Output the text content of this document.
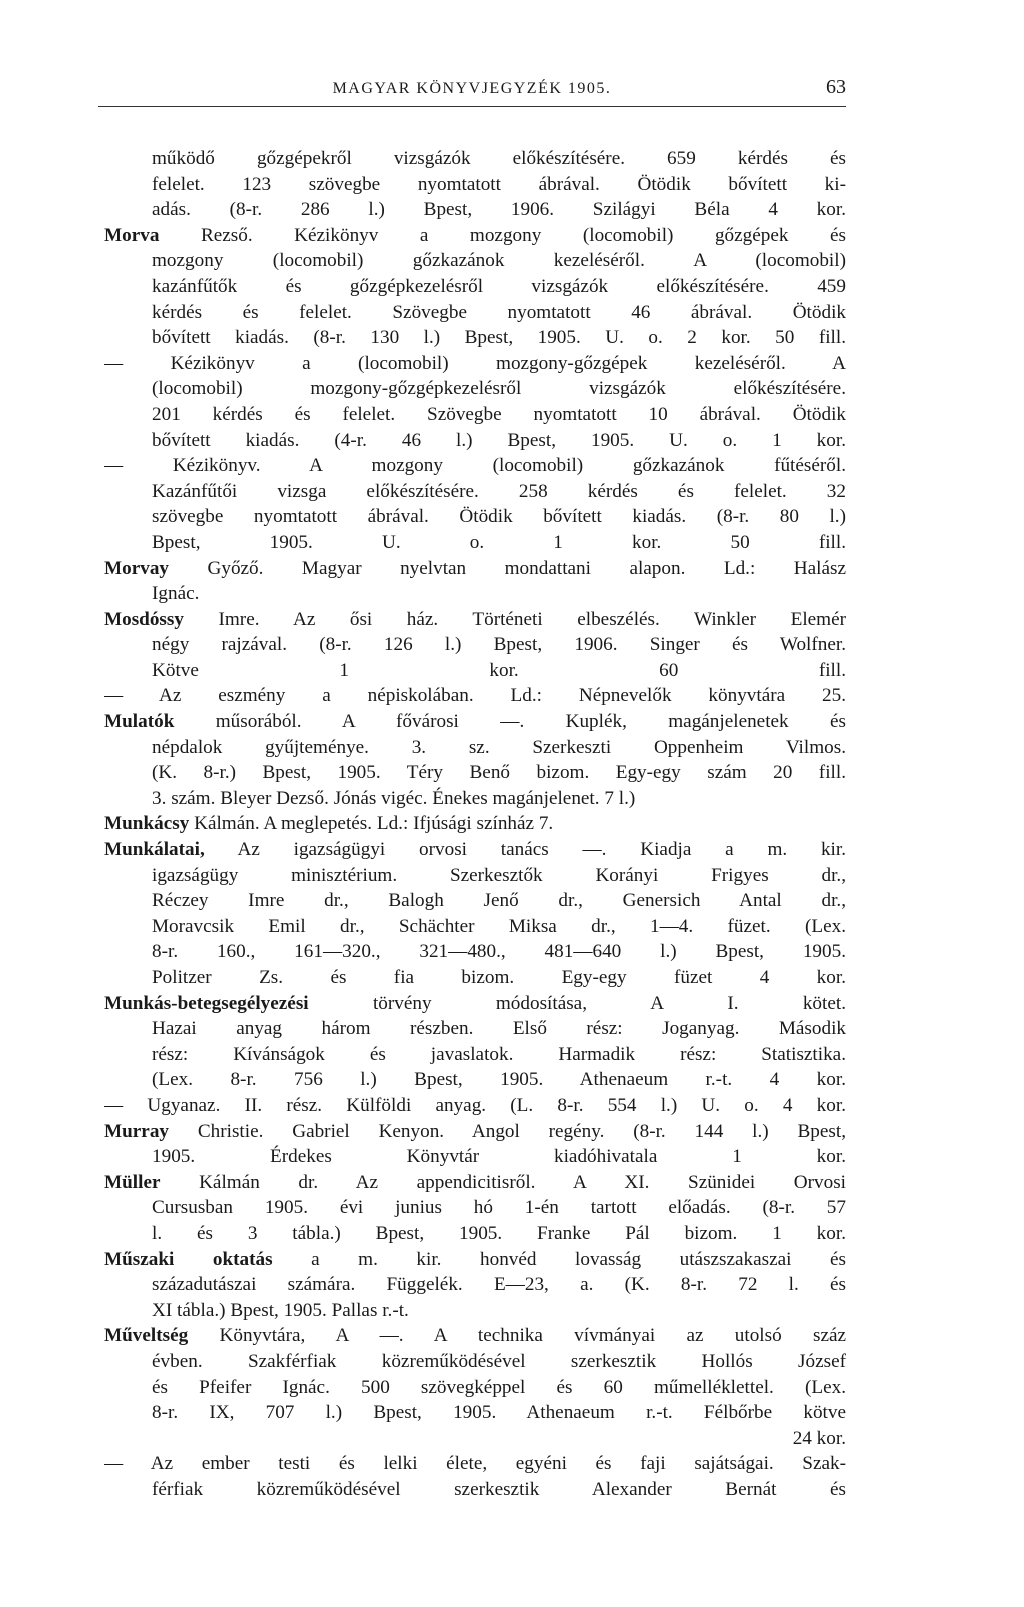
MAGYAR KÖNYVJEGYZÉK 1905.	63
működő gőzgépekről vizsgázók előkészítésére. 659 kérdés és
felelet. 123 szövegbe nyomtatott ábrával. Ötödik bővített ki-
adás. (8-r. 286 l.) Bpest, 1906. Szilágyi Béla 4 kor.
Morva Rezső. Kézikönyv a mozgony (locomobil) gőzgépek és
mozgony (locomobil) gőzkazánok kezeléséről. A (locomobil)
kazánfűtők és gőzgépkezelésről vizsgázók előkészítésére. 459
kérdés és felelet. Szövegbe nyomtatott 46 ábrával. Ötödik
bővített kiadás. (8-r. 130 l.) Bpest, 1905. U. o. 2 kor. 50 fill.
— Kézikönyv a (locomobil) mozgony-gőzgépek kezeléséről. A
(locomobil) mozgony-gőzgépkezelésről vizsgázók előkészítésére.
201 kérdés és felelet. Szövegbe nyomtatott 10 ábrával. Ötödik
bővített kiadás. (4-r. 46 l.) Bpest, 1905. U. o. 1 kor.
— Kézikönyv. A mozgony (locomobil) gőzkazánok fűtéséről.
Kazánfűtői vizsga előkészítésére. 258 kérdés és felelet. 32
szövegbe nyomtatott ábrával. Ötödik bővített kiadás. (8-r. 80 l.)
Bpest, 1905. U. o. 1 kor. 50 fill.
Morvay Győző. Magyar nyelvtan mondattani alapon. Ld.: Halász
Ignác.
Mosdóssy Imre. Az ősi ház. Történeti elbeszélés. Winkler Elemér
négy rajzával. (8-r. 126 l.) Bpest, 1906. Singer és Wolfner.
Kötve 1 kor. 60 fill.
— Az eszmény a népiskolában. Ld.: Népnevelők könyvtára 25.
Mulatók műsorából. A fővárosi —. Kuplék, magánjelenetek és
népdalok gyűjteménye. 3. sz. Szerkeszti Oppenheim Vilmos.
(K. 8-r.) Bpest, 1905. Téry Benő bizom. Egy-egy szám 20 fill.
3. szám. Bleyer Dezső. Jónás vigéc. Énekes magánjelenet. 7 l.)
Munkácsy Kálmán. A meglepetés. Ld.: Ifjúsági színház 7.
Munkálatai, Az igazságügyi orvosi tanács —. Kiadja a m. kir.
igazságügy minisztérium. Szerkesztők Korányi Frigyes dr.,
Réczey Imre dr., Balogh Jenő dr., Genersich Antal dr.,
Moravcsik Emil dr., Schächter Miksa dr., 1—4. füzet. (Lex.
8-r. 160., 161—320., 321—480., 481—640 l.) Bpest, 1905.
Politzer Zs. és fia bizom. Egy-egy füzet 4 kor.
Munkás-betegsegélyezési törvény módosítása, A I. kötet.
Hazai anyag három részben. Első rész: Joganyag. Második
rész: Kívánságok és javaslatok. Harmadik rész: Statisztika.
(Lex. 8-r. 756 l.) Bpest, 1905. Athenaeum r.-t. 4 kor.
— Ugyanaz. II. rész. Külföldi anyag. (L. 8-r. 554 l.) U. o. 4 kor.
Murray Christie. Gabriel Kenyon. Angol regény. (8-r. 144 l.) Bpest,
1905. Érdekes Könyvtár kiadóhivatala 1 kor.
Müller Kálmán dr. Az appendicitisről. A XI. Szünidei Orvosi
Cursusban 1905. évi junius hó 1-én tartott előadás. (8-r. 57
l. és 3 tábla.) Bpest, 1905. Franke Pál bizom. 1 kor.
Műszaki oktatás a m. kir. honvéd lovasság utászszakaszai és
századutászai számára. Függelék. E—23, a. (K. 8-r. 72 l. és
XI tábla.) Bpest, 1905. Pallas r.-t.
Műveltség Könyvtára, A —. A technika vívmányai az utolsó száz
évben. Szakférfiak közreműködésével szerkesztik Hollós József
és Pfeifer Ignác. 500 szövegképpel és 60 műmelléklettel. (Lex.
8-r. IX, 707 l.) Bpest, 1905. Athenaeum r.-t. Félbőrbe kötve
24 kor.
— Az ember testi és lelki élete, egyéni és faji sajátságai. Szak-
férfiak közreműködésével szerkesztik Alexander Bernát és
